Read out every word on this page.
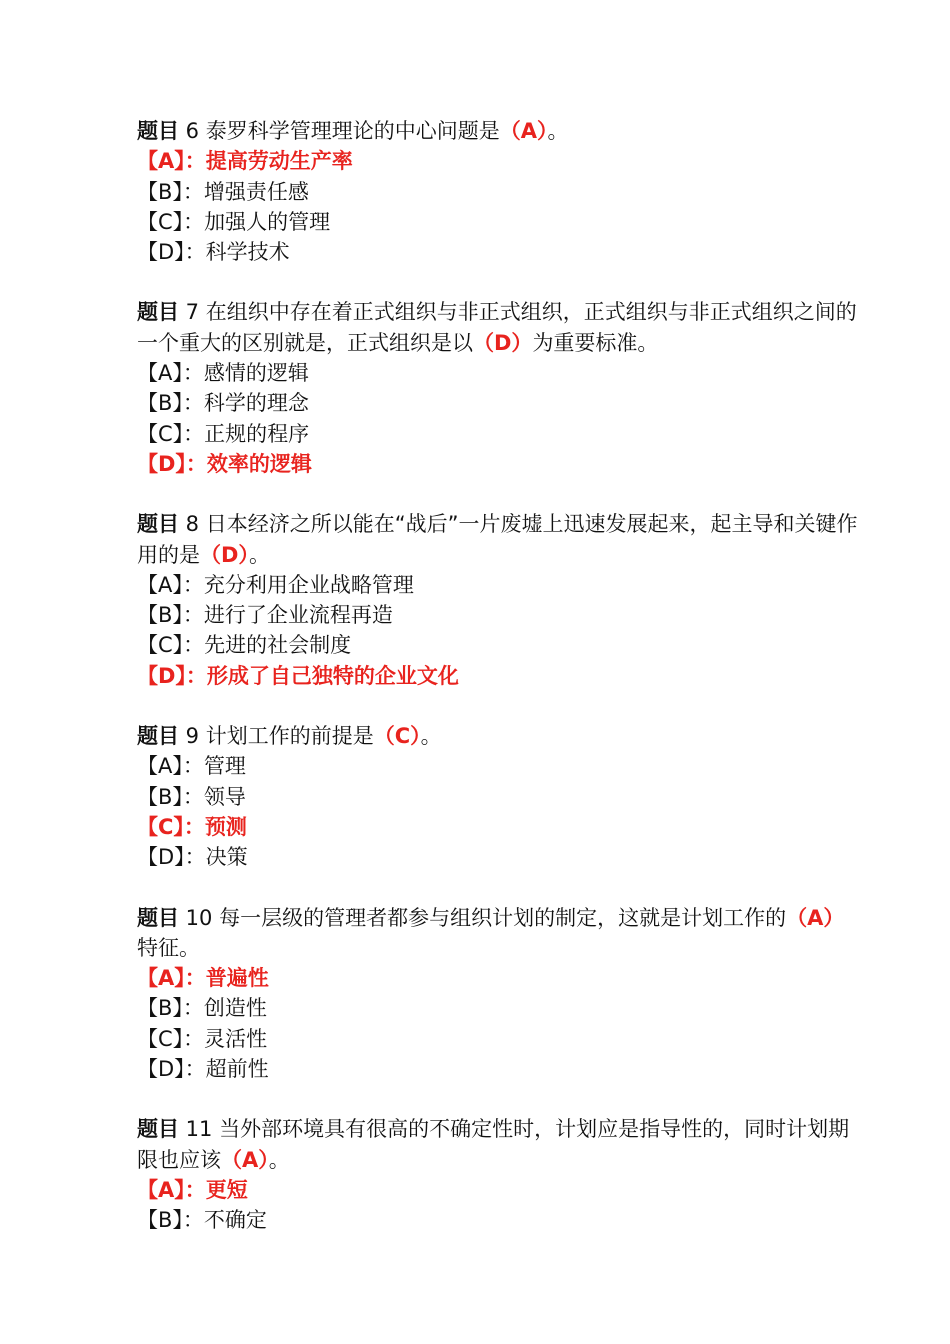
题目 6 泰罗科学管理理论的中心问题是（A）。

【A】：提高劳动生产率

【B】：增强责任感

【C】：加强人的管理

【D】：科学技术

题目 7 在组织中存在着正式组织与非正式组织，正式组织与非正式组织之间的一个重大的区别就是，正式组织是以（D）为重要标准。

【A】：感情的逻辑

【B】：科学的理念

【C】：正规的程序

【D】：效率的逻辑

题目 8 日本经济之所以能在“战后”一片废墟上迅速发展起来，起主导和关键作用的是（D）。

【A】：充分利用企业战略管理

【B】：进行了企业流程再造

【C】：先进的社会制度

【D】：形成了自己独特的企业文化

题目 9 计划工作的前提是（C）。

【A】：管理

【B】：领导

【C】：预测

【D】：决策

题目 10 每一层级的管理者都参与组织计划的制定，这就是计划工作的（A）特征。

【A】：普遍性

【B】：创造性

【C】：灵活性

【D】：超前性

题目 11 当外部环境具有很高的不确定性时，计划应是指导性的，同时计划期限也应该（A）。

【A】：更短

【B】：不确定
